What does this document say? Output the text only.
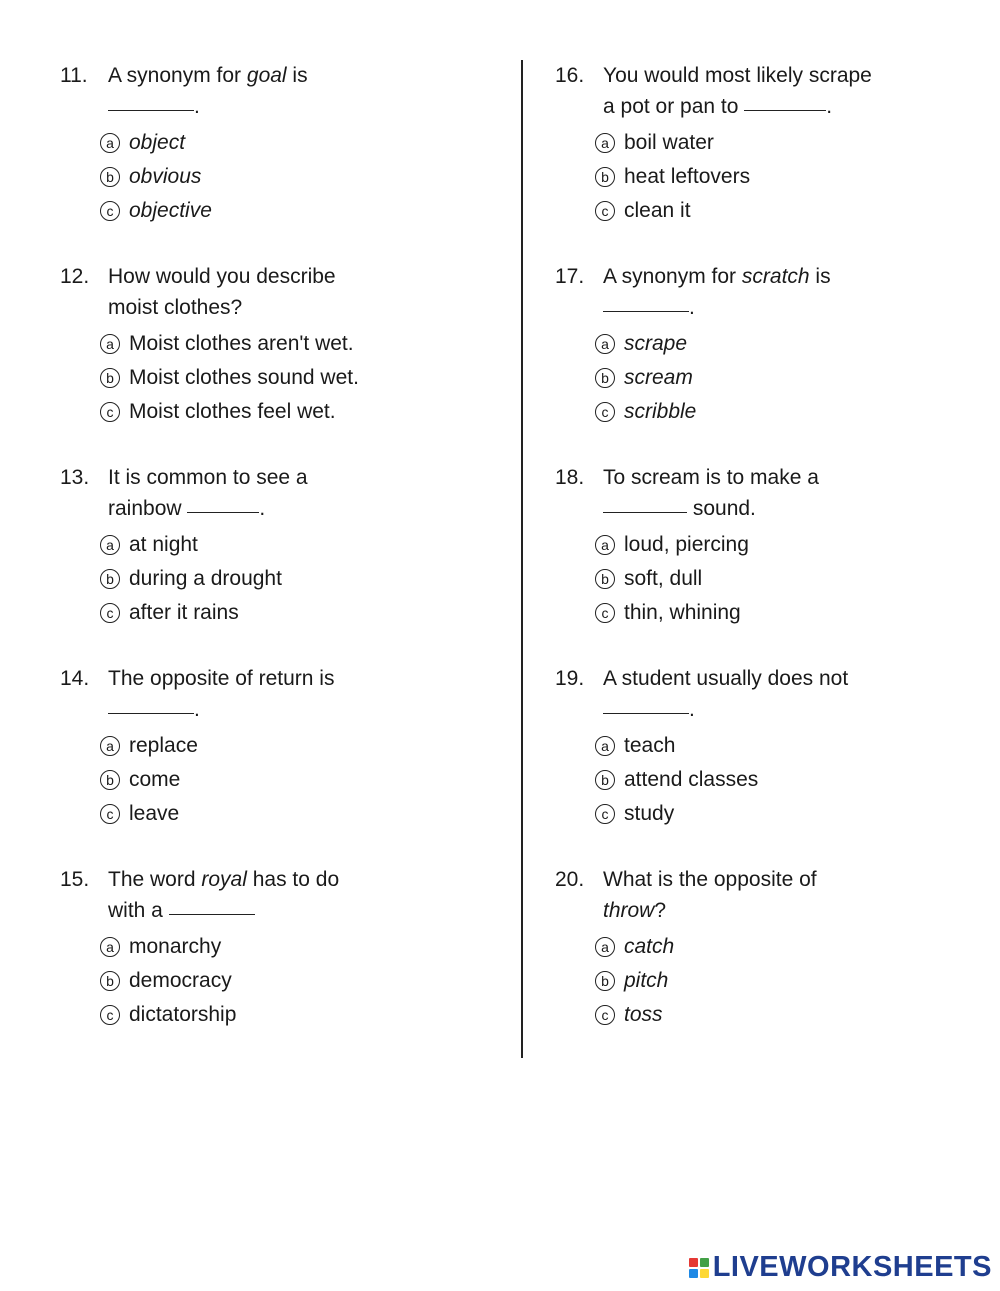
11. A synonym for goal is
.
a object
b obvious
c objective
12. How would you describe
moist clothes?
a Moist clothes aren't wet.
b Moist clothes sound wet.
c Moist clothes feel wet.
13. It is common to see a
rainbow	.
a at night
b during a drought
c after it rains
14. The opposite of return is
.
a replace
b come
c leave
15. The word royal has to do
with a
a monarchy
b democracy
c dictatorship
16. You would most likely scrape
a pot or pan to	.
a boil water
b heat leftovers
c clean it
17. A synonym for scratch is
.
a scrape
b scream
c scribble
18. To scream is to make a
sound.
a loud, piercing
b soft, dull
c thin, whining
19. A student usually does not
.
a teach
b attend classes
c study
20. What is the opposite of
throw?
a catch
b pitch
c toss
LIVEWORKSHEETS
